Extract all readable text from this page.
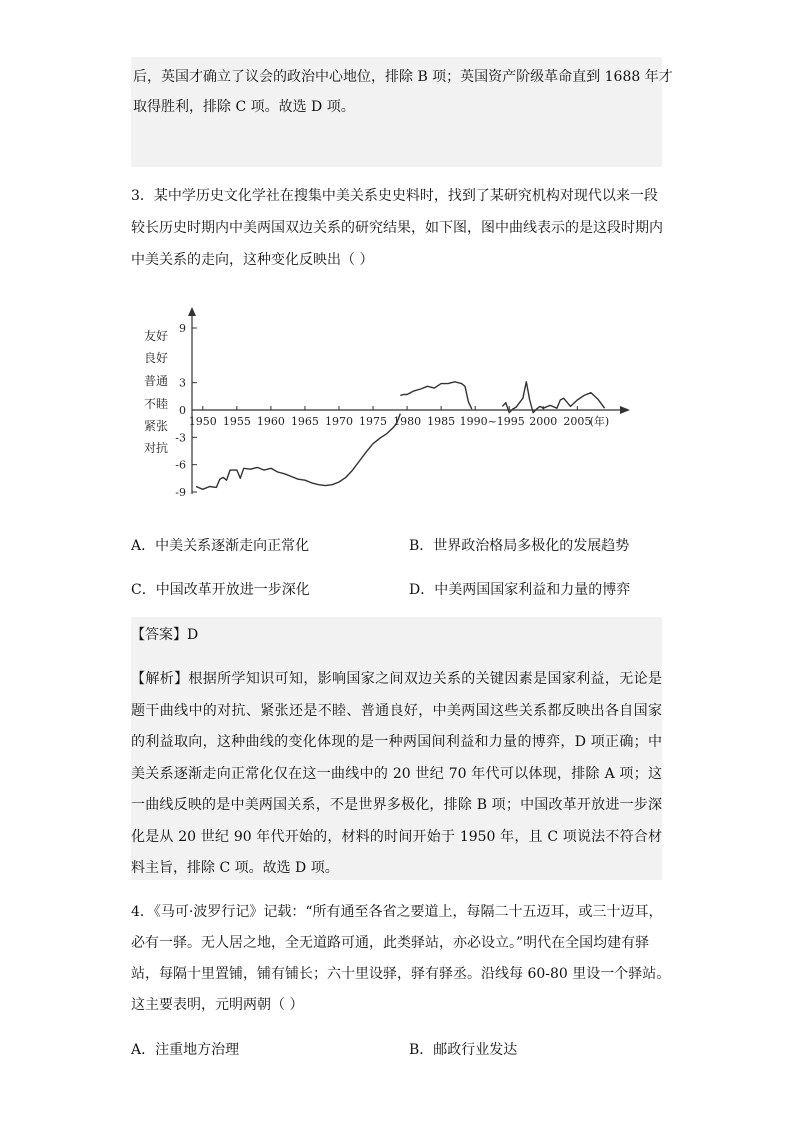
后，英国才确立了议会的政治中心地位，排除 B 项；英国资产阶级革命直到 1688 年才
取得胜利，排除 C 项。故选 D 项。
3．某中学历史文化学社在搜集中美关系史史料时，找到了某研究机构对现代以来一段
较长历史时期内中美两国双边关系的研究结果，如下图，图中曲线表示的是这段时期内
中美关系的走向，这种变化反映出（ ）
友好
良好
普通
不睦
紧张
对抗
9
3
0
-3
-6
-9
1950 1955 1960 1965 1970 1975 1980 1985 1990~1995 2000 2005
(年)
A．中美关系逐渐走向正常化	B．世界政治格局多极化的发展趋势
C．中国改革开放进一步深化	D．中美两国国家利益和力量的博弈
【答案】D
【解析】根据所学知识可知，影响国家之间双边关系的关键因素是国家利益，无论是题干曲线中的对抗、紧张还是不睦、普通良好，中美两国这些关系都反映出各自国家的利益取向，这种曲线的变化体现的是一种两国间利益和力量的博弈，D 项正确；中美关系逐渐走向正常化仅在这一曲线中的 20 世纪 70 年代可以体现，排除 A 项；这一曲线反映的是中美两国关系，不是世界多极化，排除 B 项；中国改革开放进一步深化是从 20 世纪 90 年代开始的，材料的时间开始于 1950 年，且 C 项说法不符合材料主旨，排除 C 项。故选 D 项。
4．《马可·波罗行记》记载：“所有通至各省之要道上，每隔二十五迈耳，或三十迈耳，
必有一驿。无人居之地，全无道路可通，此类驿站，亦必设立。”明代在全国均建有驿
站，每隔十里置铺，铺有铺长；六十里设驿，驿有驿丞。沿线每 60-80 里设一个驿站。
这主要表明，元明两朝（ ）
A．注重地方治理	B．邮政行业发达
